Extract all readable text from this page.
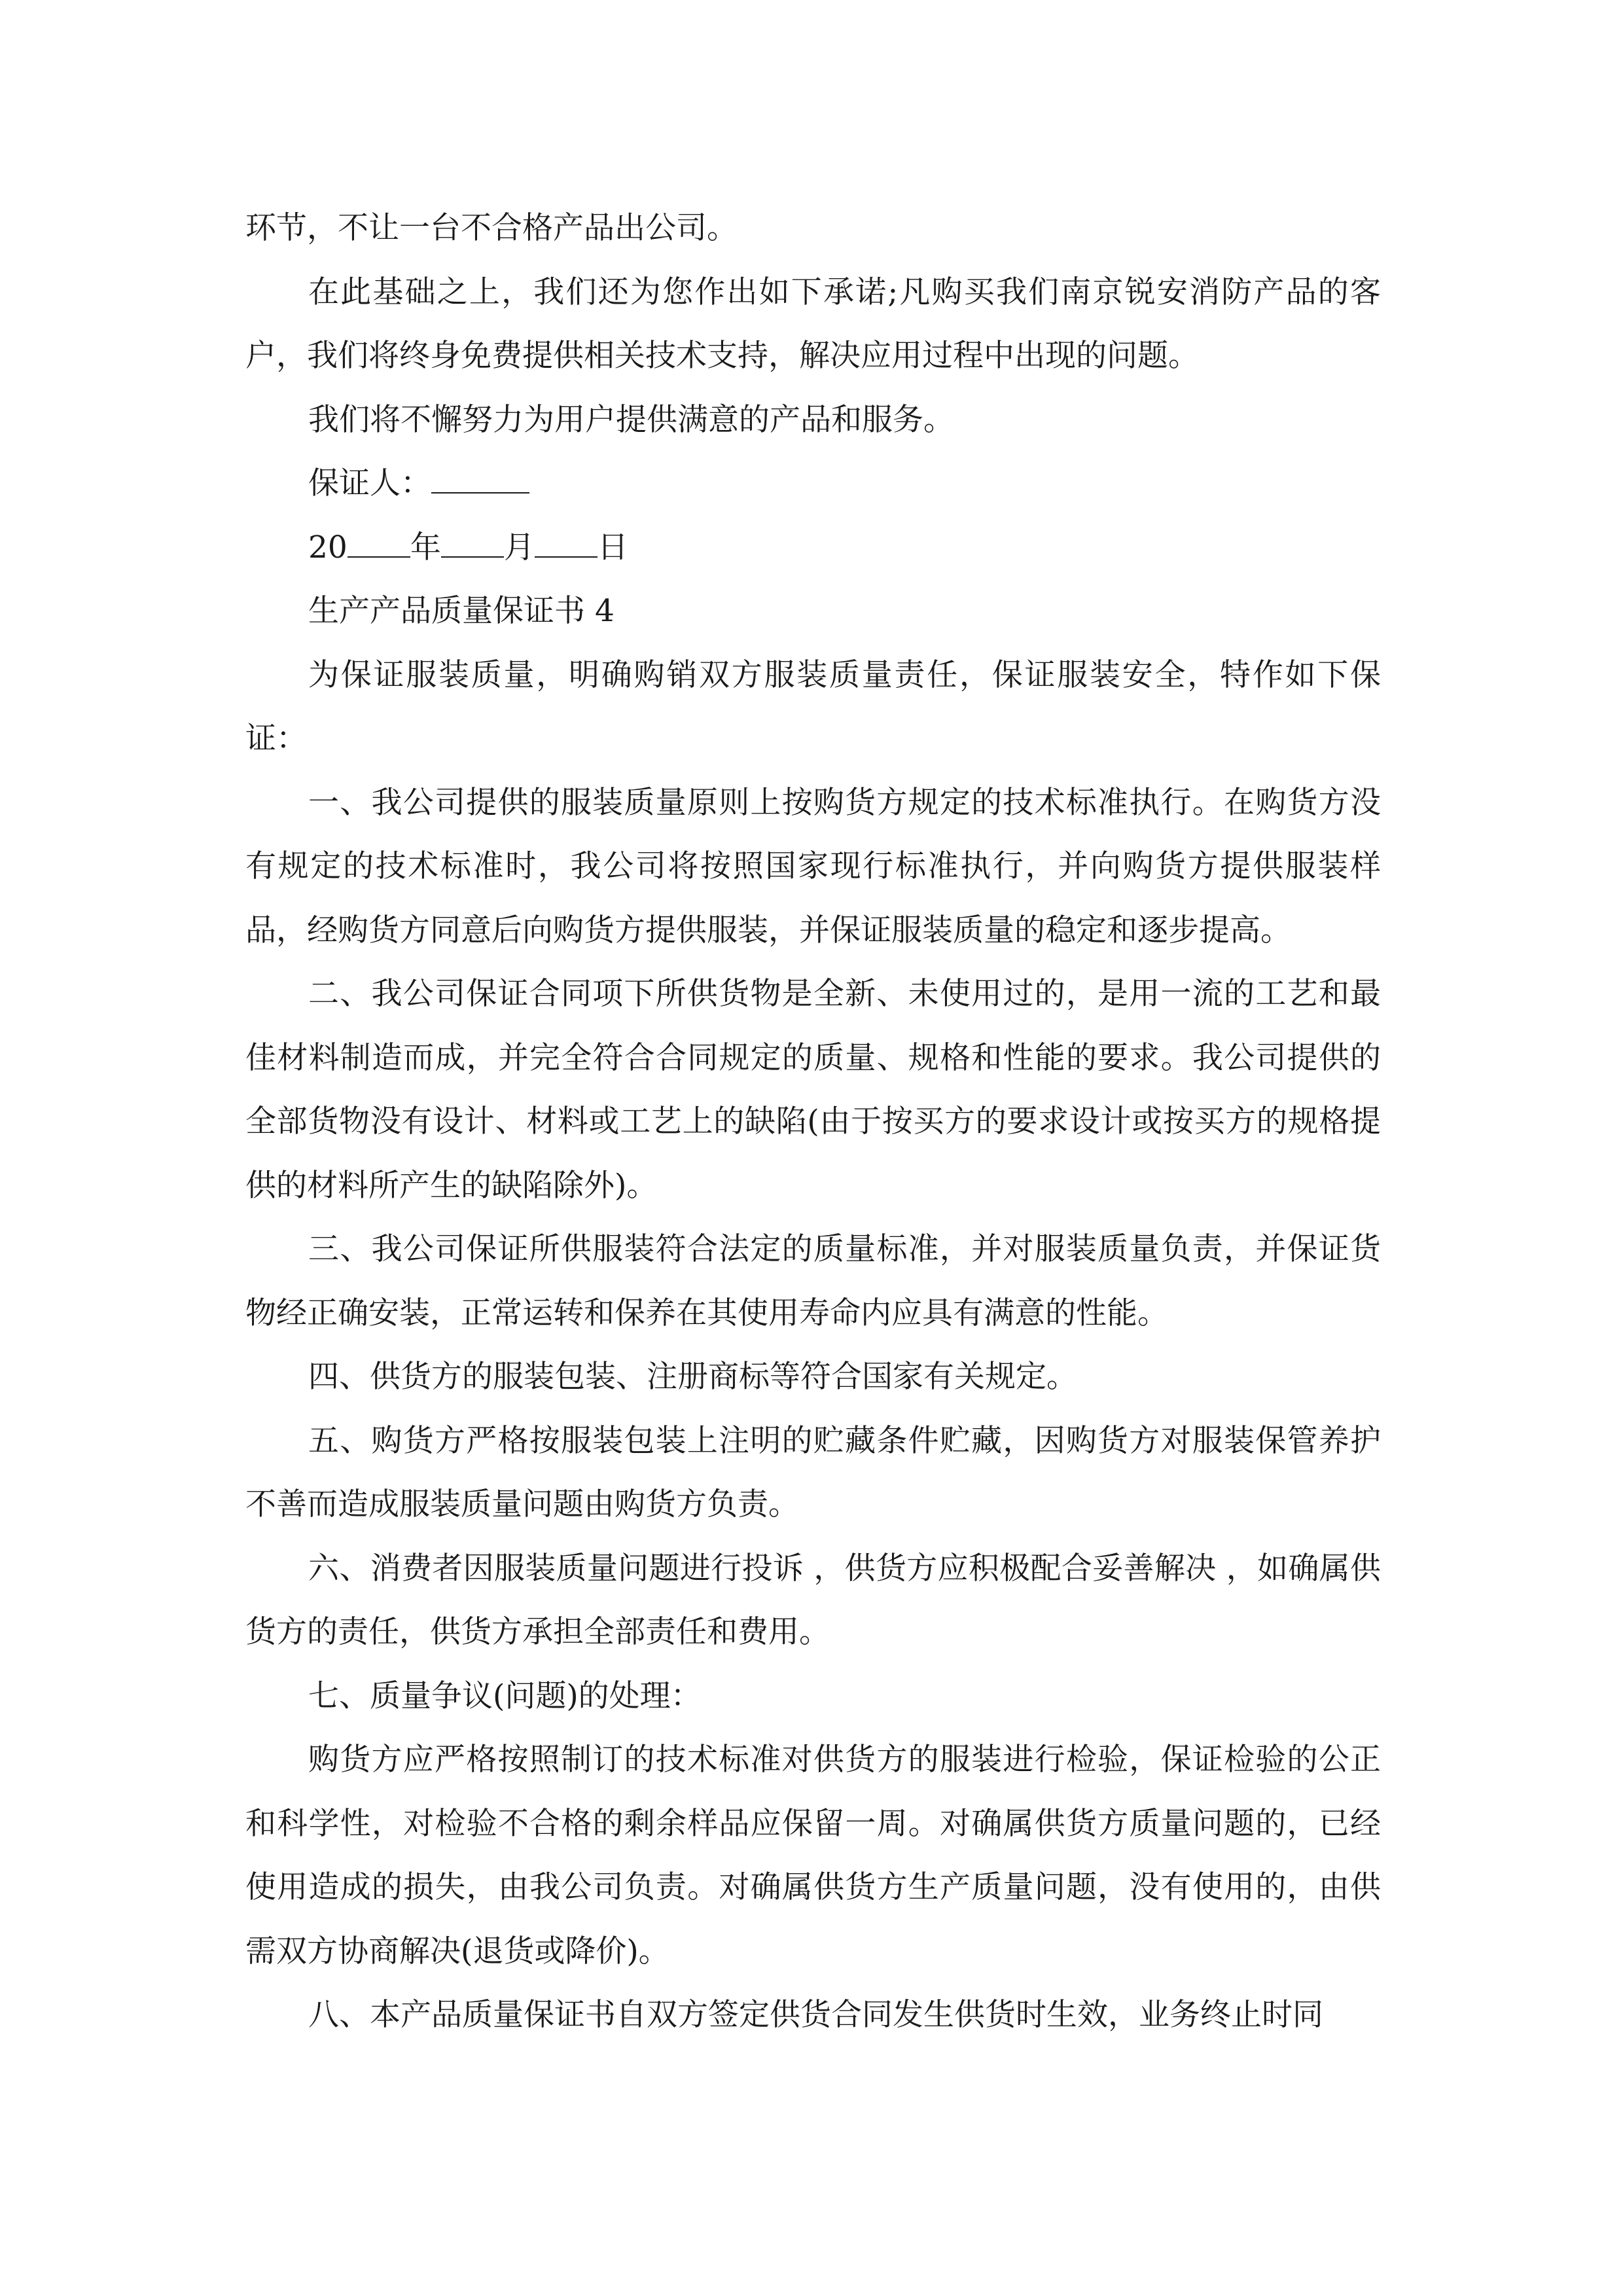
环节，不让一台不合格产品出公司。

在此基础之上，我们还为您作出如下承诺;凡购买我们南京锐安消防产品的客户，我们将终身免费提供相关技术支持，解决应用过程中出现的问题。

我们将不懈努力为用户提供满意的产品和服务。

保证人：

20 年 月 日

生产产品质量保证书 4

为保证服装质量，明确购销双方服装质量责任，保证服装安全，特作如下保证：

一、我公司提供的服装质量原则上按购货方规定的技术标准执行。在购货方没有规定的技术标准时，我公司将按照国家现行标准执行，并向购货方提供服装样品，经购货方同意后向购货方提供服装，并保证服装质量的稳定和逐步提高。

二、我公司保证合同项下所供货物是全新、未使用过的，是用一流的工艺和最佳材料制造而成，并完全符合合同规定的质量、规格和性能的要求。我公司提供的全部货物没有设计、材料或工艺上的缺陷(由于按买方的要求设计或按买方的规格提供的材料所产生的缺陷除外)。

三、我公司保证所供服装符合法定的质量标准，并对服装质量负责，并保证货物经正确安装，正常运转和保养在其使用寿命内应具有满意的性能。

四、供货方的服装包装、注册商标等符合国家有关规定。

五、购货方严格按服装包装上注明的贮藏条件贮藏，因购货方对服装保管养护不善而造成服装质量问题由购货方负责。

六、消费者因服装质量问题进行投诉 ，供货方应积极配合妥善解决 ，如确属供货方的责任，供货方承担全部责任和费用。

七、质量争议(问题)的处理：

购货方应严格按照制订的技术标准对供货方的服装进行检验，保证检验的公正和科学性，对检验不合格的剩余样品应保留一周。对确属供货方质量问题的，已经使用造成的损失，由我公司负责。对确属供货方生产质量问题，没有使用的，由供需双方协商解决(退货或降价)。

八、本产品质量保证书自双方签定供货合同发生供货时生效，业务终止时同
